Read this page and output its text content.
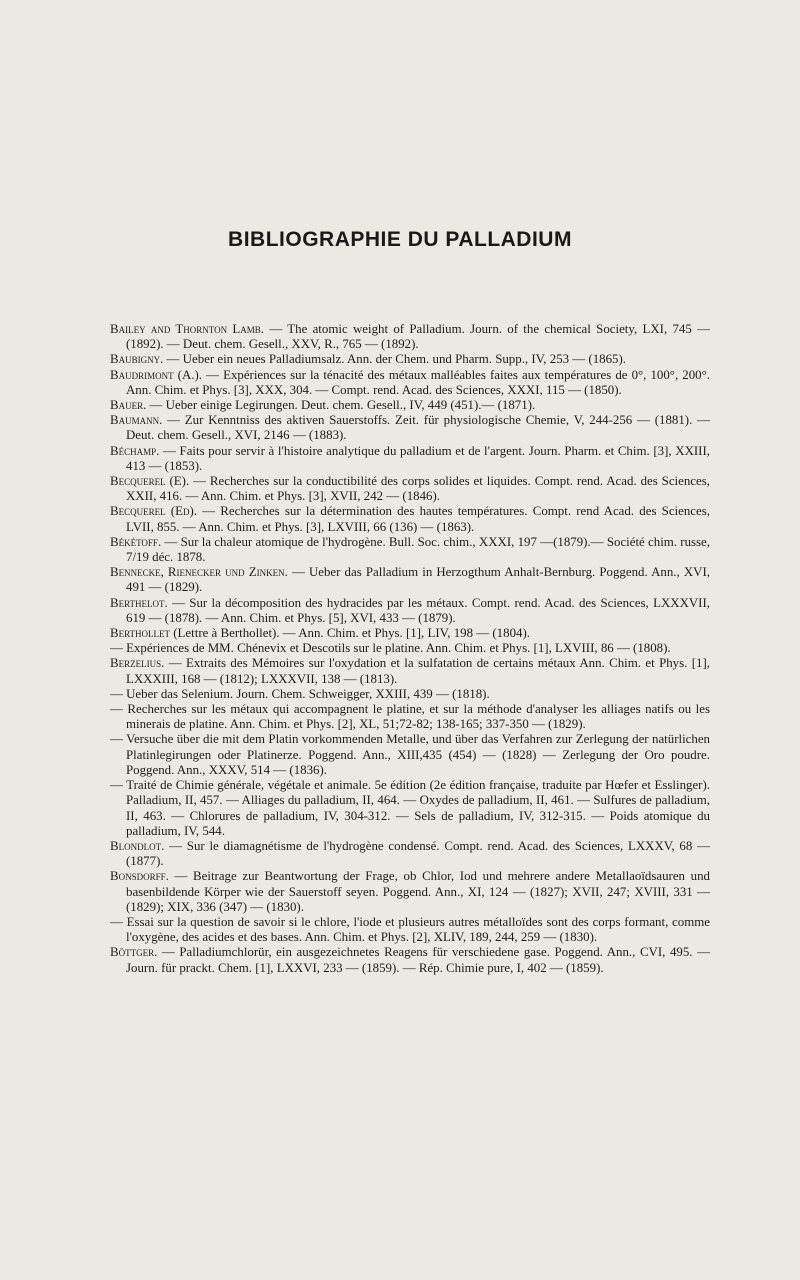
BIBLIOGRAPHIE DU PALLADIUM

Bailey and Thornton Lamb. — The atomic weight of Palladium. Journ. of the chemical Society, LXI, 745 — (1892). — Deut. chem. Gesell., XXV, R., 765 — (1892).

Baubigny. — Ueber ein neues Palladiumsalz. Ann. der Chem. und Pharm. Supp., IV, 253 — (1865).

Baudrimont (A.). — Expériences sur la ténacité des métaux malléables faites aux températures de 0°, 100°, 200°. Ann. Chim. et Phys. [3], XXX, 304. — Compt. rend. Acad. des Sciences, XXXI, 115 — (1850).

Bauer. — Ueber einige Legirungen. Deut. chem. Gesell., IV, 449 (451).— (1871).

Baumann. — Zur Kenntniss des aktiven Sauerstoffs. Zeit. für physiologische Chemie, V, 244-256 — (1881). — Deut. chem. Gesell., XVI, 2146 — (1883).

Béchamp. — Faits pour servir à l'histoire analytique du palladium et de l'argent. Journ. Pharm. et Chim. [3], XXIII, 413 — (1853).

Becquerel (E). — Recherches sur la conductibilité des corps solides et liquides. Compt. rend. Acad. des Sciences, XXII, 416. — Ann. Chim. et Phys. [3], XVII, 242 — (1846).

Becquerel (Ed). — Recherches sur la détermination des hautes températures. Compt. rend Acad. des Sciences, LVII, 855. — Ann. Chim. et Phys. [3], LXVIII, 66 (136) — (1863).

Békétoff. — Sur la chaleur atomique de l'hydrogène. Bull. Soc. chim., XXXI, 197 —(1879).— Société chim. russe, 7/19 déc. 1878.

Bennecke, Rienecker und Zinken. — Ueber das Palladium in Herzogthum Anhalt-Bernburg. Poggend. Ann., XVI, 491 — (1829).

Berthelot. — Sur la décomposition des hydracides par les métaux. Compt. rend. Acad. des Sciences, LXXXVII, 619 — (1878). — Ann. Chim. et Phys. [5], XVI, 433 — (1879).

Berthollet (Lettre à Berthollet). — Ann. Chim. et Phys. [1], LIV, 198 — (1804).

— Expériences de MM. Chénevix et Descotils sur le platine. Ann. Chim. et Phys. [1], LXVIII, 86 — (1808).

Berzelius. — Extraits des Mémoires sur l'oxydation et la sulfatation de certains métaux Ann. Chim. et Phys. [1], LXXXIII, 168 — (1812); LXXXVII, 138 — (1813).

— Ueber das Selenium. Journ. Chem. Schweigger, XXIII, 439 — (1818).

— Recherches sur les métaux qui accompagnent le platine, et sur la méthode d'analyser les alliages natifs ou les minerais de platine. Ann. Chim. et Phys. [2], XL, 51;72-82; 138-165; 337-350 — (1829).

— Versuche über die mit dem Platin vorkommenden Metalle, und über das Verfahren zur Zerlegung der natürlichen Platinlegirungen oder Platinerze. Poggend. Ann., XIII,435 (454) — (1828) — Zerlegung der Oro poudre. Poggend. Ann., XXXV, 514 — (1836).

— Traité de Chimie générale, végétale et animale. 5e édition (2e édition française, traduite par Hœfer et Esslinger). Palladium, II, 457. — Alliages du palladium, II, 464. — Oxydes de palladium, II, 461. — Sulfures de palladium, II, 463. — Chlorures de palladium, IV, 304-312. — Sels de palladium, IV, 312-315. — Poids atomique du palladium, IV, 544.

Blondlot. — Sur le diamagnétisme de l'hydrogène condensé. Compt. rend. Acad. des Sciences, LXXXV, 68 — (1877).

Bonsdorff. — Beitrage zur Beantwortung der Frage, ob Chlor, Iod und mehrere andere Metallaoïdsauren und basenbildende Körper wie der Sauerstoff seyen. Poggend. Ann., XI, 124 — (1827); XVII, 247; XVIII, 331 — (1829); XIX, 336 (347) — (1830).

— Essai sur la question de savoir si le chlore, l'iode et plusieurs autres métalloïdes sont des corps formant, comme l'oxygène, des acides et des bases. Ann. Chim. et Phys. [2], XLIV, 189, 244, 259 — (1830).

Böttger. — Palladiumchlorür, ein ausgezeichnetes Reagens für verschiedene gase. Poggend. Ann., CVI, 495. — Journ. für prackt. Chem. [1], LXXVI, 233 — (1859). — Rép. Chimie pure, I, 402 — (1859).
